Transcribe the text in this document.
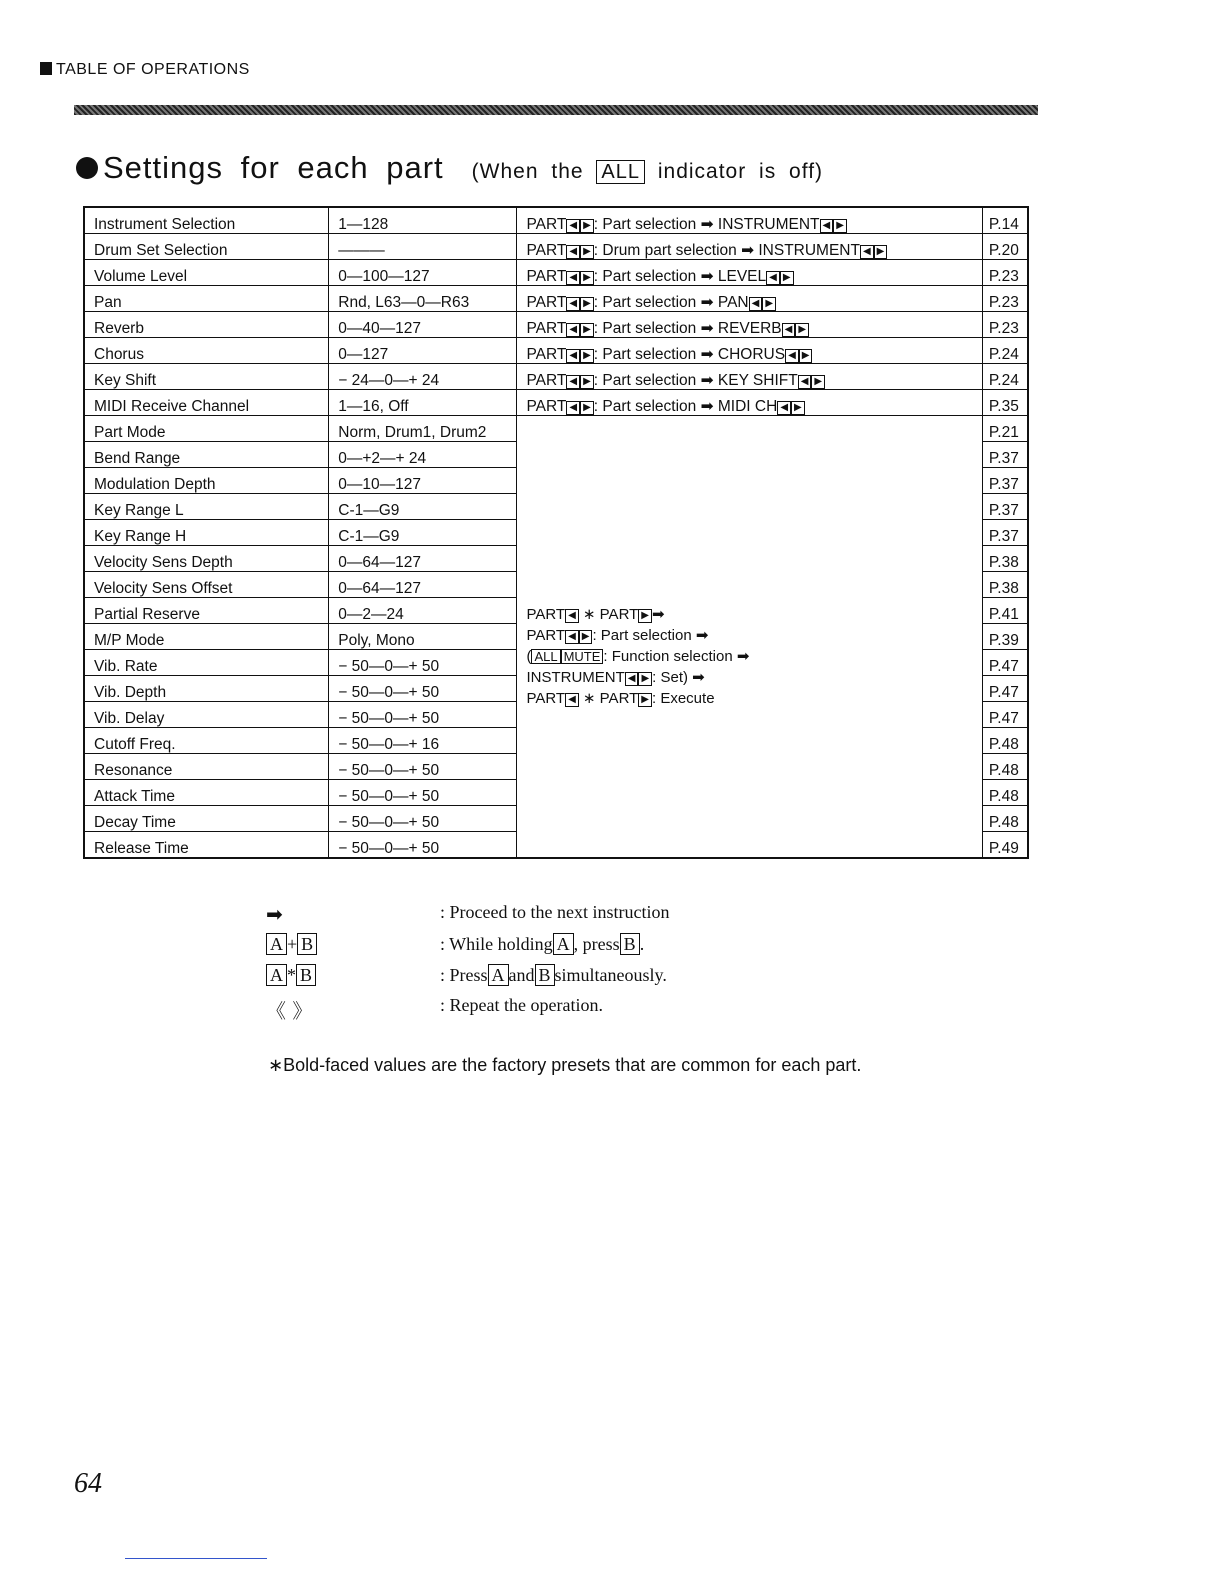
TABLE OF OPERATIONS
Settings for each part (When the ALL indicator is off)
Instrument Selection	1—128	PART ◀ ▶ : Part selection ➡ INSTRUMENT ◀ ▶	P.14
Drum Set Selection	———	PART ◀ ▶ : Drum part selection ➡ INSTRUMENT ◀ ▶	P.20
Volume Level	0—100—127	PART ◀ ▶ : Part selection ➡ LEVEL ◀ ▶	P.23
Pan	Rnd, L63—0—R63	PART ◀ ▶ : Part selection ➡ PAN ◀ ▶	P.23
Reverb	0—40—127	PART ◀ ▶ : Part selection ➡ REVERB ◀ ▶	P.23
Chorus	0—127	PART ◀ ▶ : Part selection ➡ CHORUS ◀ ▶	P.24
Key Shift	− 24—0—+ 24	PART ◀ ▶ : Part selection ➡ KEY SHIFT ◀ ▶	P.24
MIDI Receive Channel	1—16, Off	PART ◀ ▶ : Part selection ➡ MIDI CH ◀ ▶	P.35
Part Mode	Norm, Drum1, Drum2	PART ◀ ∗ PART ▶ ➡
PART ◀ ▶ : Part selection ➡
( ALL MUTE : Function selection ➡
INSTRUMENT ◀ ▶ : Set) ➡
PART ◀ ∗ PART ▶ : Execute	P.21
Bend Range	0—+2—+ 24		P.37
Modulation Depth	0—10—127		P.37
Key Range L	C-1—G9		P.37
Key Range H	C-1—G9		P.37
Velocity Sens Depth	0—64—127		P.38
Velocity Sens Offset	0—64—127		P.38
Partial Reserve	0—2—24		P.41
M/P Mode	Poly, Mono		P.39
Vib. Rate	− 50—0—+ 50		P.47
Vib. Depth	− 50—0—+ 50		P.47
Vib. Delay	− 50—0—+ 50		P.47
Cutoff Freq.	− 50—0—+ 16		P.48
Resonance	− 50—0—+ 50		P.48
Attack Time	− 50—0—+ 50		P.48
Decay Time	− 50—0—+ 50		P.48
Release Time	− 50—0—+ 50		P.49
➡	: Proceed to the next instruction
A + B	: While holding A , press B .
A * B	: Press A and B simultaneously.
《 》	: Repeat the operation.
∗Bold-faced values are the factory presets that are common for each part.
64
